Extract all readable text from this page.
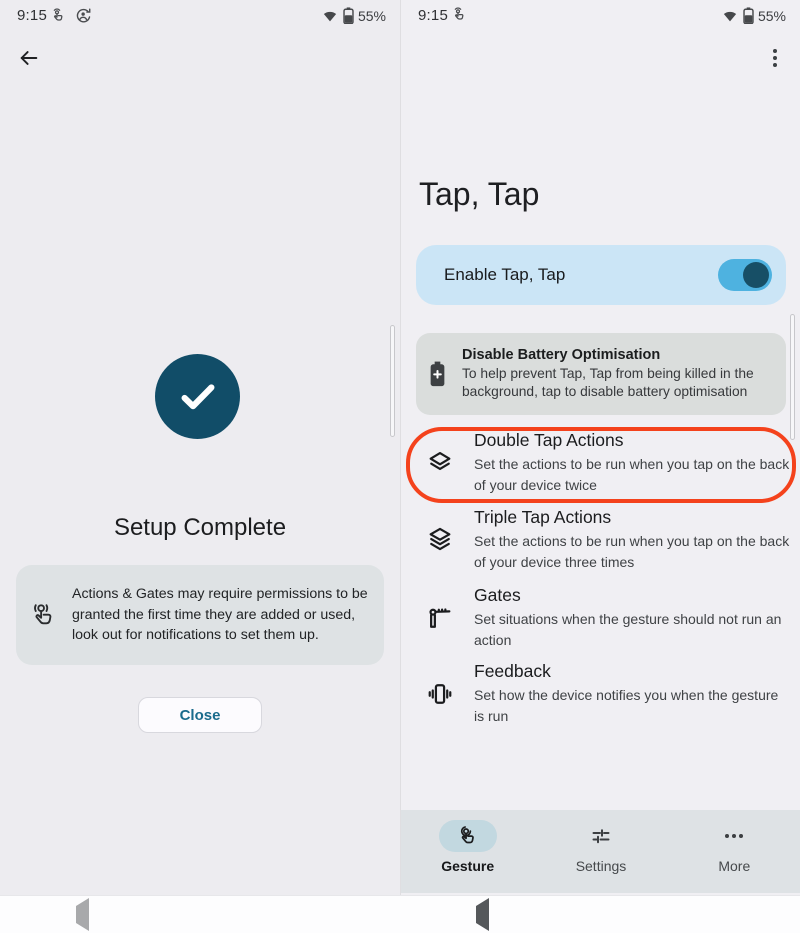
9:15	55%
Setup Complete
Actions & Gates may require permissions to be granted the first time they are added or used, look out for notifications to set them up.
Close
9:15	55%
Tap, Tap
Enable Tap, Tap
Disable Battery Optimisation
To help prevent Tap, Tap from being killed in the background, tap to disable battery optimisation
Double Tap Actions
Set the actions to be run when you tap on the back of your device twice
Triple Tap Actions
Set the actions to be run when you tap on the back of your device three times
Gates
Set situations when the gesture should not run an action
Feedback
Set how the device notifies you when the gesture is run
Gesture	Settings	More
